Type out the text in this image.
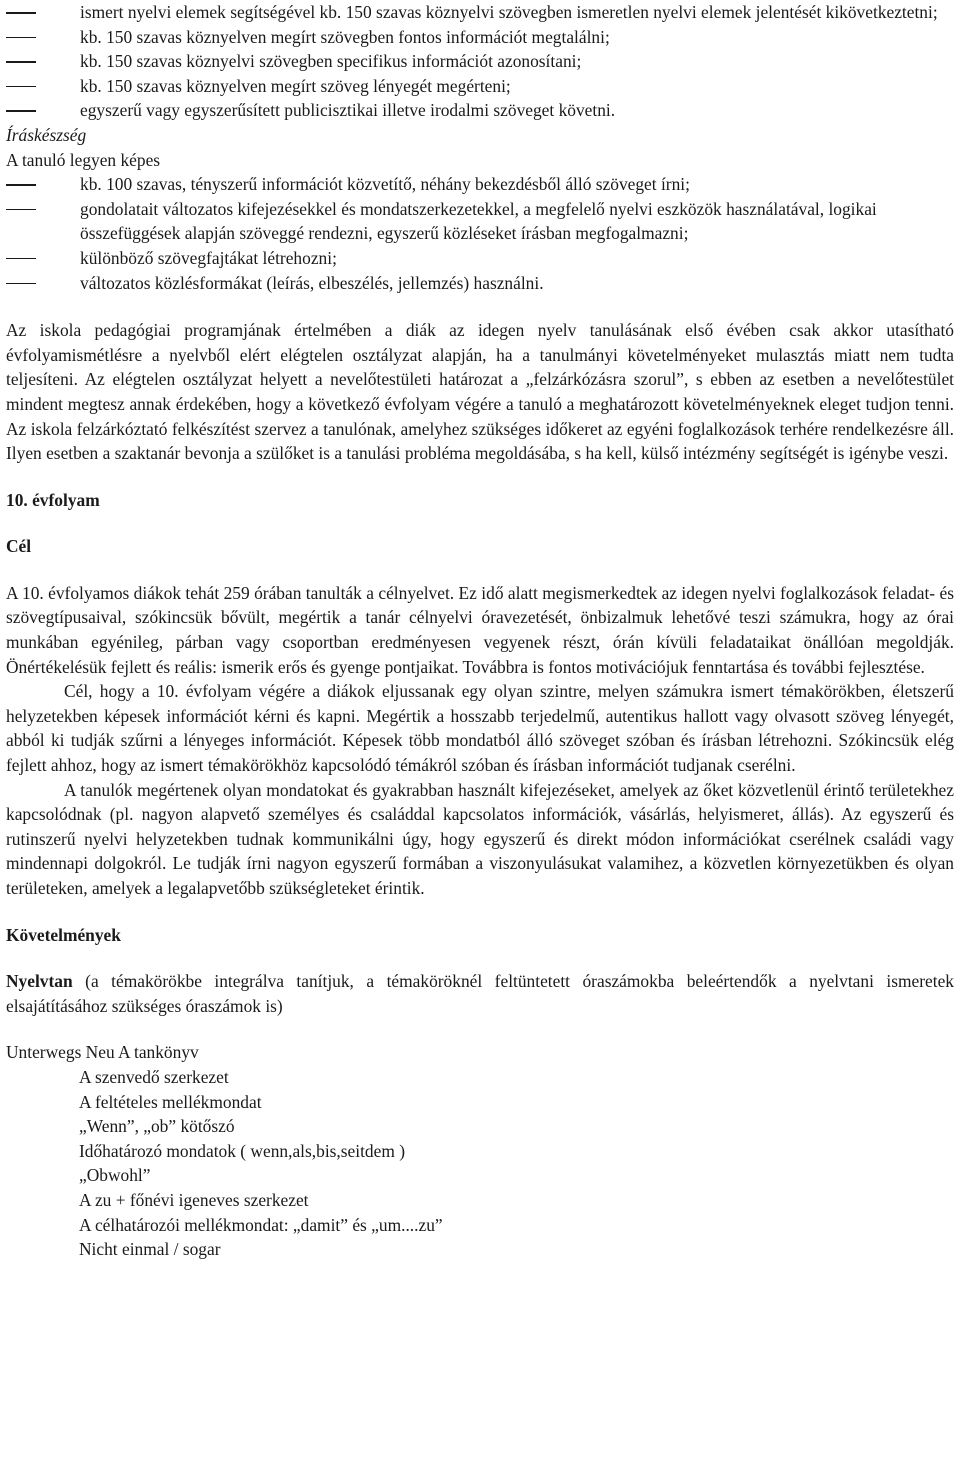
ismert nyelvi elemek segítségével kb. 150 szavas köznyelvi szövegben ismeretlen nyelvi elemek jelentését kikövetkeztetni;
kb. 150 szavas köznyelven megírt szövegben fontos információt megtalálni;
kb. 150 szavas köznyelvi szövegben specifikus információt azonosítani;
kb. 150 szavas köznyelven megírt szöveg lényegét megérteni;
egyszerű vagy egyszerűsített publicisztikai illetve irodalmi szöveget követni.
Íráskészség
A tanuló legyen képes
kb. 100 szavas, tényszerű információt közvetítő, néhány bekezdésből álló szöveget írni;
gondolatait változatos kifejezésekkel és mondatszerkezetekkel, a megfelelő nyelvi eszközök használatával, logikai összefüggések alapján szöveggé rendezni, egyszerű közléseket írásban megfogalmazni;
különböző szövegfajtákat létrehozni;
változatos közlésformákat (leírás, elbeszélés, jellemzés) használni.

Az iskola pedagógiai programjának értelmében a diák az idegen nyelv tanulásának első évében csak akkor utasítható évfolyamismétlésre a nyelvből elért elégtelen osztályzat alapján, ha a tanulmányi követelményeket mulasztás miatt nem tudta teljesíteni. Az elégtelen osztályzat helyett a nevelőtestületi határozat a „felzárkózásra szorul”, s ebben az esetben a nevelőtestület mindent megtesz annak érdekében, hogy a következő évfolyam végére a tanuló a meghatározott követelményeknek eleget tudjon tenni. Az iskola felzárkóztató felkészítést szervez a tanulónak, amelyhez szükséges időkeret az egyéni foglalkozások terhére rendelkezésre áll. Ilyen esetben a szaktanár bevonja a szülőket is a tanulási probléma megoldásába, s ha kell, külső intézmény segítségét is igénybe veszi.

10. évfolyam
Cél

A 10. évfolyamos diákok tehát 259 órában tanulták a célnyelvet. Ez idő alatt megismerkedtek az idegen nyelvi foglalkozások feladat- és szövegtípusaival, szókincsük bővült, megértik a tanár célnyelvi óravezetését, önbizalmuk lehetővé teszi számukra, hogy az órai munkában egyénileg, párban vagy csoportban eredményesen vegyenek részt, órán kívüli feladataikat önállóan megoldják. Önértékelésük fejlett és reális: ismerik erős és gyenge pontjaikat. Továbbra is fontos motivációjuk fenntartása és további fejlesztése.

Cél, hogy a 10. évfolyam végére a diákok eljussanak egy olyan szintre, melyen számukra ismert témakörökben, életszerű helyzetekben képesek információt kérni és kapni. Megértik a hosszabb terjedelmű, autentikus hallott vagy olvasott szöveg lényegét, abból ki tudják szűrni a lényeges információt. Képesek több mondatból álló szöveget szóban és írásban létrehozni. Szókincsük elég fejlett ahhoz, hogy az ismert témakörökhöz kapcsolódó témákról szóban és írásban információt tudjanak cserélni.

A tanulók megértenek olyan mondatokat és gyakrabban használt kifejezéseket, amelyek az őket közvetlenül érintő területekhez kapcsolódnak (pl. nagyon alapvető személyes és családdal kapcsolatos információk, vásárlás, helyismeret, állás). Az egyszerű és rutinszerű nyelvi helyzetekben tudnak kommunikálni úgy, hogy egyszerű és direkt módon információkat cserélnek családi vagy mindennapi dolgokról. Le tudják írni nagyon egyszerű formában a viszonyulásukat valamihez, a közvetlen környezetükben és olyan területeken, amelyek a legalapvetőbb szükségleteket érintik.

Követelmények

Nyelvtan (a témakörökbe integrálva tanítjuk, a témaköröknél feltüntetett óraszámokba beleértendők a nyelvtani ismeretek elsajátításához szükséges óraszámok is)

Unterwegs Neu A tankönyv
A szenvedő szerkezet
A feltételes mellékmondat
„Wenn”, „ob” kötőszó
Időhatározó mondatok ( wenn,als,bis,seitdem )
„Obwohl”
A zu + főnévi igeneves szerkezet
A célhatározói mellékmondat: „damit” és „um....zu”
Nicht einmal / sogar
